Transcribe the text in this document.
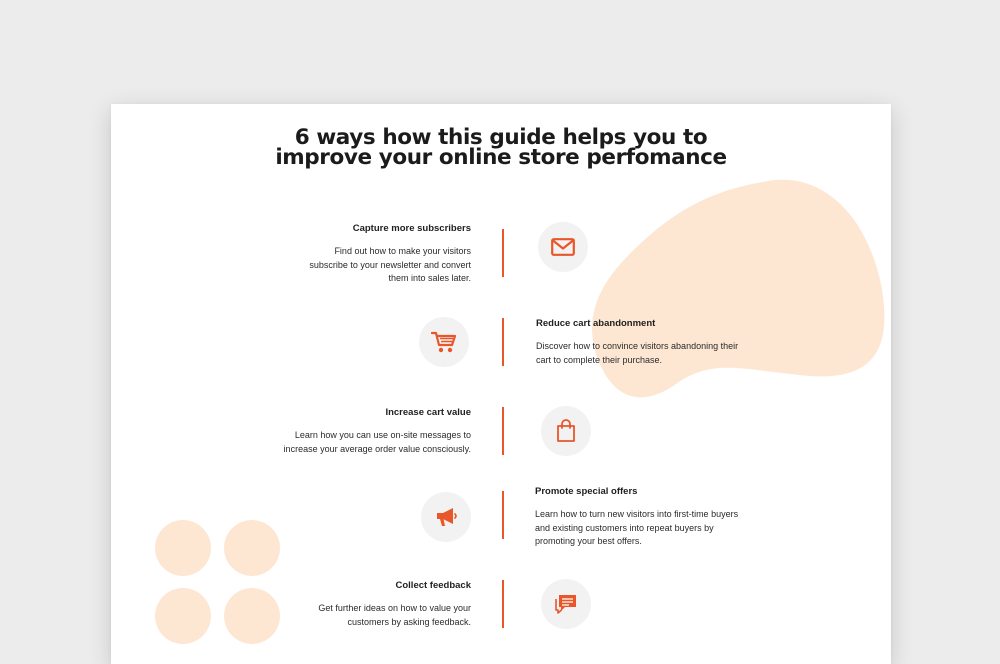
6 ways how this guide helps you to
improve your online store perfomance
Capture more subscribers

Find out how to make your visitors subscribe to your newsletter and convert them into sales later.

Reduce cart abandonment

Discover how to convince visitors abandoning their cart to complete their purchase.

Increase cart value

Learn how you can use on-site messages to increase your average order value consciously.

Promote special offers

Learn how to turn new visitors into first-time buyers and existing customers into repeat buyers by promoting your best offers.

Collect feedback

Get further ideas on how to value your customers by asking feedback.
